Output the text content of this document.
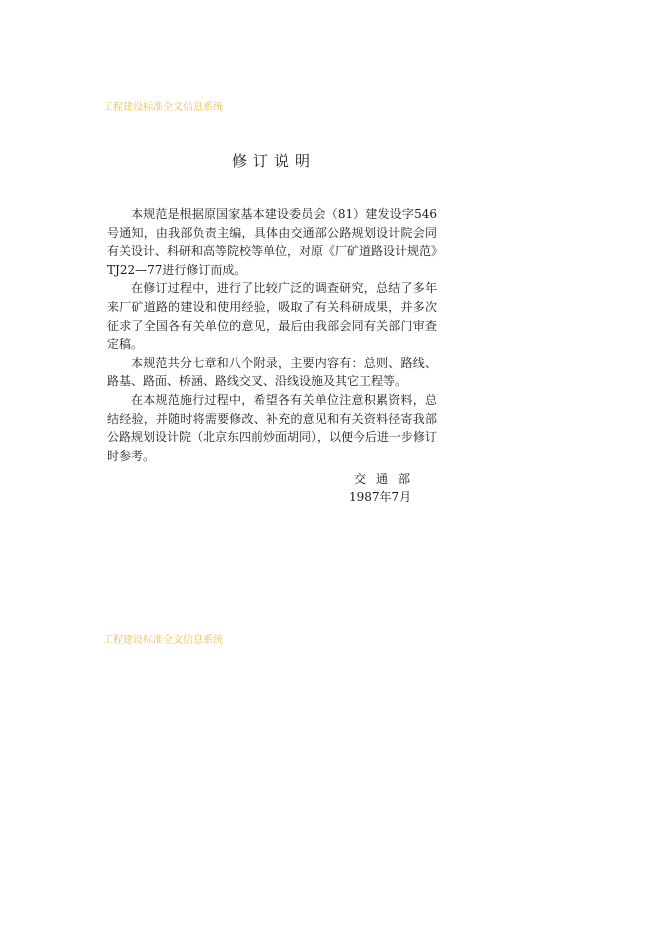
工程建设标准全文信息系统
修订说明

本规范是根据原国家基本建设委员会（81）建发设字546号通知，由我部负责主编，具体由交通部公路规划设计院会同有关设计、科研和高等院校等单位，对原《厂矿道路设计规范》TJ22—77进行修订而成。

在修订过程中，进行了比较广泛的调查研究，总结了多年来厂矿道路的建设和使用经验，吸取了有关科研成果，并多次征求了全国各有关单位的意见，最后由我部会同有关部门审查定稿。

本规范共分七章和八个附录，主要内容有：总则、路线、路基、路面、桥涵、路线交叉、沿线设施及其它工程等。

在本规范施行过程中，希望各有关单位注意积累资料，总结经验，并随时将需要修改、补充的意见和有关资料径寄我部公路规划设计院（北京东四前炒面胡同），以便今后进一步修订时参考。

交通部
1987年7月
工程建设标准全文信息系统
